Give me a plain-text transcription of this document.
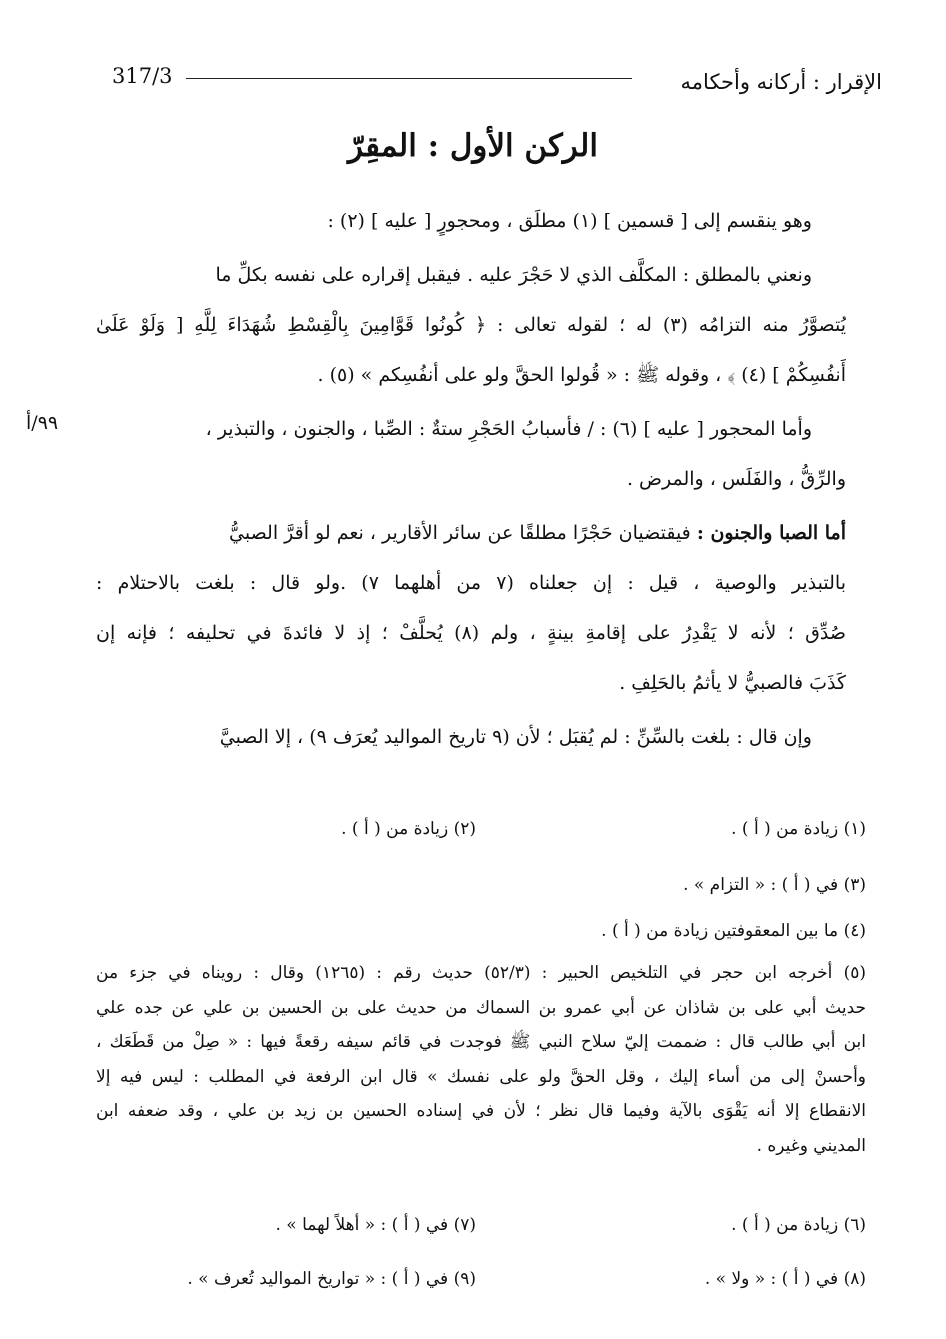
317/3	الإقرار : أركانه وأحكامه
الركن الأول : المقِرّ
وهو ينقسم إلى [ قسمين ] (١) مطلَق ، ومحجورٍ [ عليه ] (٢) :
ونعني بالمطلق : المكلَّف الذي لا حَجْرَ عليه . فيقبل إقراره على نفسه بكلِّ ما
يُتصوَّرُ منه التزامُه (٣) له ؛ لقوله تعالى : ﴿ كُونُوا قَوَّامِينَ بِالْقِسْطِ شُهَدَاءَ لِلَّهِ [ وَلَوْ عَلَىٰ
أَنفُسِكُمْ ] (٤) ﴾ ، وقوله ﷺ : « قُولوا الحقَّ ولو على أنفُسِكم » (٥) .
وأما المحجور [ عليه ] (٦) : / فأسبابُ الحَجْرِ ستةٌ : الصِّبا ، والجنون ، والتبذير ،
والرِّقُّ ، والفَلَس ، والمرض .
أما الصبا والجنون : فيقتضيان حَجْرًا مطلقًا عن سائر الأقارير ، نعم لو أقرَّ الصبيُّ
بالتبذير والوصية ، قيل : إن جعلناه (٧ من أهلهما ٧) .ولو قال : بلغت بالاحتلام :
صُدِّق ؛ لأنه لا يَقْدِرُ على إقامةِ بينةٍ ، ولم (٨) يُحلَّفْ ؛ إذ لا فائدةَ في تحليفه ؛ فإنه إن
كَذَبَ فالصبيُّ لا يأثمُ بالحَلِفِ .
وإن قال : بلغت بالسِّنِّ : لم يُقبَل ؛ لأن (٩ تاريخ المواليد يُعرَف ٩) ، إلا الصبيَّ
٩٩/أ
(١) زيادة من ( أ ) .
(٢) زيادة من ( أ ) .
(٣) في ( أ ) : « التزام » .
(٤) ما بين المعقوفتين زيادة من ( أ ) .
(٥) أخرجه ابن حجر في التلخيص الحبير : (٥٢/٣) حديث رقم : (١٢٦٥) وقال : رويناه في جزء من
حديث أبي على بن شاذان عن أبي عمرو بن السماك من حديث على بن الحسين بن علي عن جده علي
ابن أبي طالب قال : ضممت إليّ سلاح النبي ﷺ فوجدت في قائم سيفه رقعةً فيها : « صِلْ من قَطَعَك ،
وأحسنْ إلى من أساء إليك ، وقل الحقَّ ولو على نفسك » قال ابن الرفعة في المطلب : ليس فيه إلا
الانقطاع إلا أنه يَقْوَى بالآية وفيما قال نظر ؛ لأن في إسناده الحسين بن زيد بن علي ، وقد ضعفه ابن
المديني وغيره .
(٦) زيادة من ( أ ) .
(٧) في ( أ ) : « أهلاً لهما » .
(٨) في ( أ ) : « ولا » .
(٩) في ( أ ) : « تواريخ المواليد تُعرف » .
